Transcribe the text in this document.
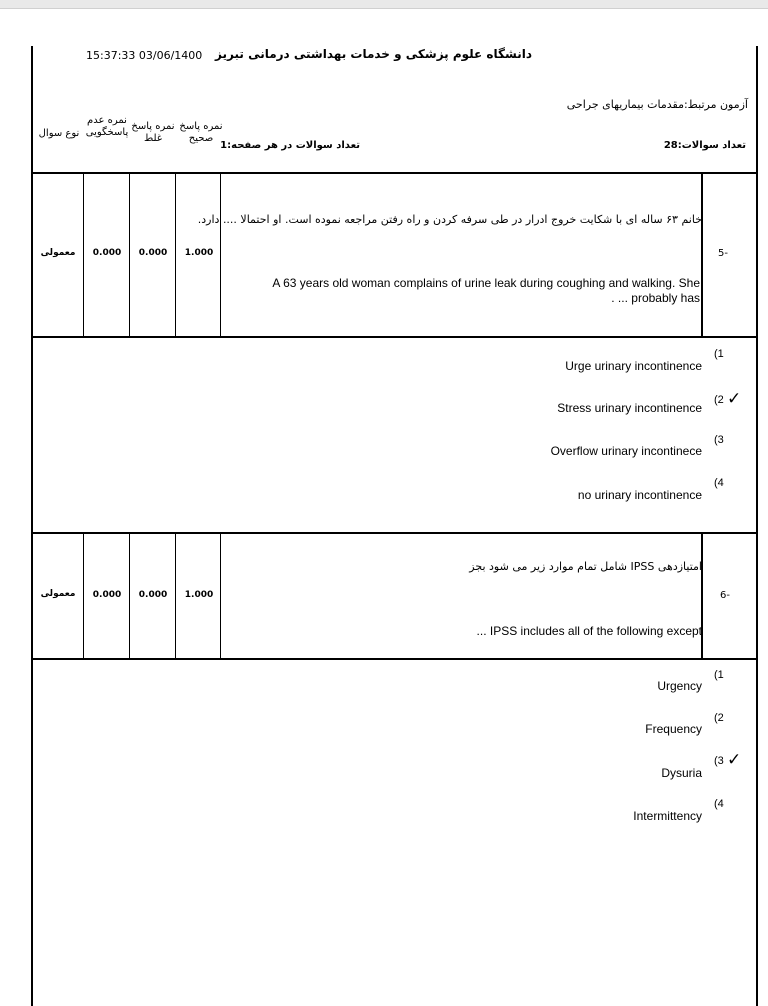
15:37:33 03/06/1400 دانشگاه علوم پزشکی و خدمات بهداشتی درمانی تبریز
آزمون مرتبط:مقدمات بیماریهای جراحی
تعداد سوالات:28
تعداد سوالات در هر صفحه:1
نمره پاسخ صحیح
نمره پاسخ غلط
نمره عدم پاسخگویی
نوع سوال
5-
خانم ۶۳ ساله ای با شکایت خروج ادرار در طی سرفه کردن و راه رفتن مراجعه نموده است. او احتمالا .... دارد.
A 63 years old woman complains of urine leak during coughing and walking. She
probably has ... .
1.000
0.000
0.000
معمولی
Urge urinary incontinence
(1
Stress urinary incontinence
(2 ✓
Overflow urinary incontinece
(3
no urinary incontinence
(4
6-
امتیازدهی IPSS شامل تمام موارد زیر می شود بجز
IPSS includes all of the following except ...
1.000
0.000
0.000
معمولی
Urgency
(1
Frequency
(2
Dysuria
(3 ✓
Intermittency
(4
